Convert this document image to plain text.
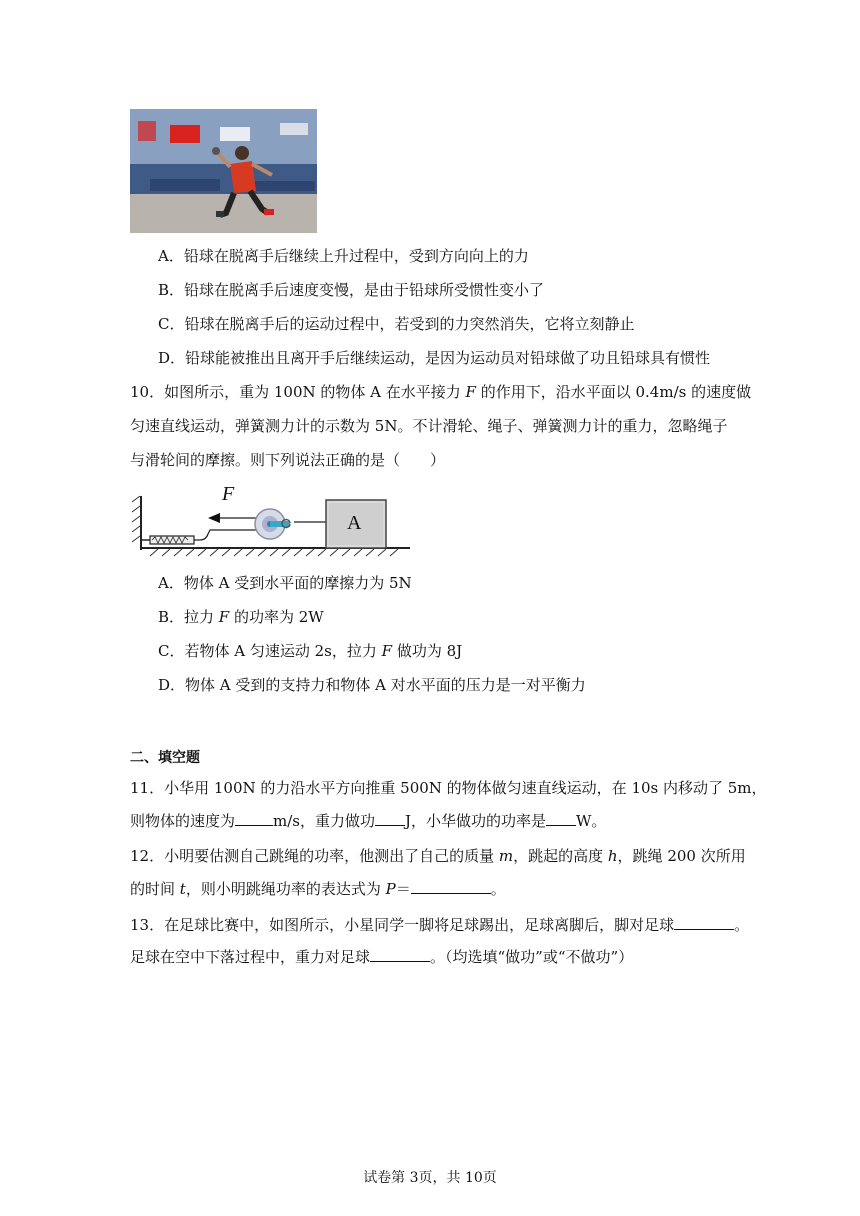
A．铅球在脱离手后继续上升过程中，受到方向向上的力
B．铅球在脱离手后速度变慢，是由于铅球所受惯性变小了
C．铅球在脱离手后的运动过程中，若受到的力突然消失，它将立刻静止
D．铅球能被推出且离开手后继续运动，是因为运动员对铅球做了功且铅球具有惯性
10．如图所示，重为 100N 的物体 A 在水平接力 F 的作用下，沿水平面以 0.4m/s 的速度做
匀速直线运动，弹簧测力计的示数为 5N。不计滑轮、绳子、弹簧测力计的重力，忽略绳子
与滑轮间的摩擦。则下列说法正确的是（　　）
F
A
A．物体 A 受到水平面的摩擦力为 5N
B．拉力 F 的功率为 2W
C．若物体 A 匀速运动 2s，拉力 F 做功为 8J
D．物体 A 受到的支持力和物体 A 对水平面的压力是一对平衡力
二、填空题
11．小华用 100N 的力沿水平方向推重 500N 的物体做匀速直线运动，在 10s 内移动了 5m，
则物体的速度为	m/s，重力做功 J，小华做功的功率是 W。
12．小明要估测自己跳绳的功率，他测出了自己的质量 m，跳起的高度 h，跳绳 200 次所用
的时间 t，则小明跳绳功率的表达式为 P＝	。
13．在足球比赛中，如图所示，小星同学一脚将足球踢出，足球离脚后，脚对足球	。
足球在空中下落过程中，重力对足球	。（均选填“做功”或“不做功”）
试卷第 3页，共 10页
